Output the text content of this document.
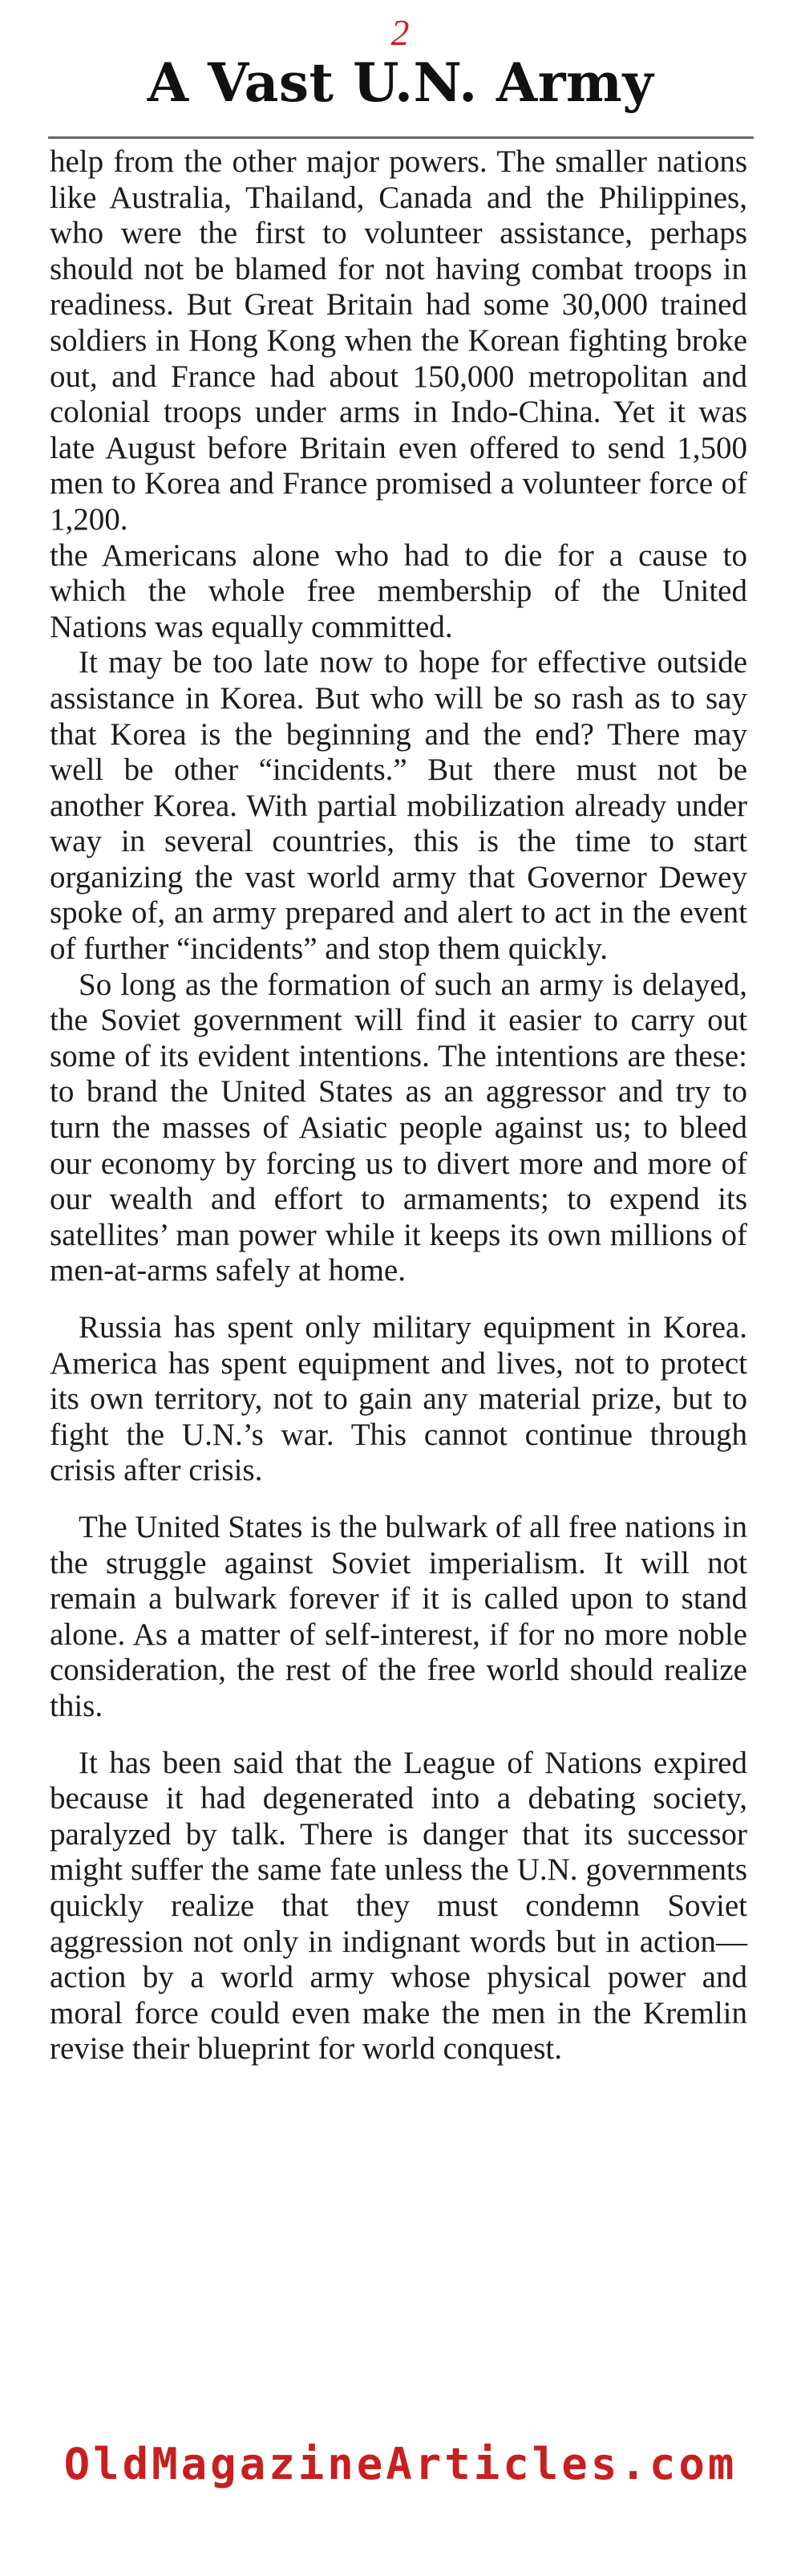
2
A Vast U.N. Army

help from the other major powers. The smaller nations like Australia, Thailand, Canada and the Philippines, who were the first to volunteer assistance, perhaps should not be blamed for not having combat troops in readiness. But Great Britain had some 30,000 trained soldiers in Hong Kong when the Korean fighting broke out, and France had about 150,000 metropolitan and colonial troops under arms in Indo-China. Yet it was late August before Britain even offered to send 1,500 men to Korea and France promised a volunteer force of 1,200.

the Americans alone who had to die for a cause to which the whole free membership of the United Nations was equally committed.

It may be too late now to hope for effective outside assistance in Korea. But who will be so rash as to say that Korea is the beginning and the end? There may well be other “incidents.” But there must not be another Korea. With partial mobilization already under way in several countries, this is the time to start organizing the vast world army that Governor Dewey spoke of, an army prepared and alert to act in the event of further “incidents” and stop them quickly.

So long as the formation of such an army is delayed, the Soviet government will find it easier to carry out some of its evident intentions. The intentions are these: to brand the United States as an aggressor and try to turn the masses of Asiatic people against us; to bleed our economy by forcing us to divert more and more of our wealth and effort to armaments; to expend its satellites’ man power while it keeps its own millions of men-at-arms safely at home.

Russia has spent only military equipment in Korea. America has spent equipment and lives, not to protect its own territory, not to gain any material prize, but to fight the U.N.’s war. This cannot continue through crisis after crisis.

The United States is the bulwark of all free nations in the struggle against Soviet imperialism. It will not remain a bulwark forever if it is called upon to stand alone. As a matter of self-interest, if for no more noble consideration, the rest of the free world should realize this.

It has been said that the League of Nations expired because it had degenerated into a debating society, paralyzed by talk. There is danger that its successor might suffer the same fate unless the U.N. governments quickly realize that they must condemn Soviet aggression not only in indignant words but in action—action by a world army whose physical power and moral force could even make the men in the Kremlin revise their blueprint for world conquest.

OldMagazineArticles.com
